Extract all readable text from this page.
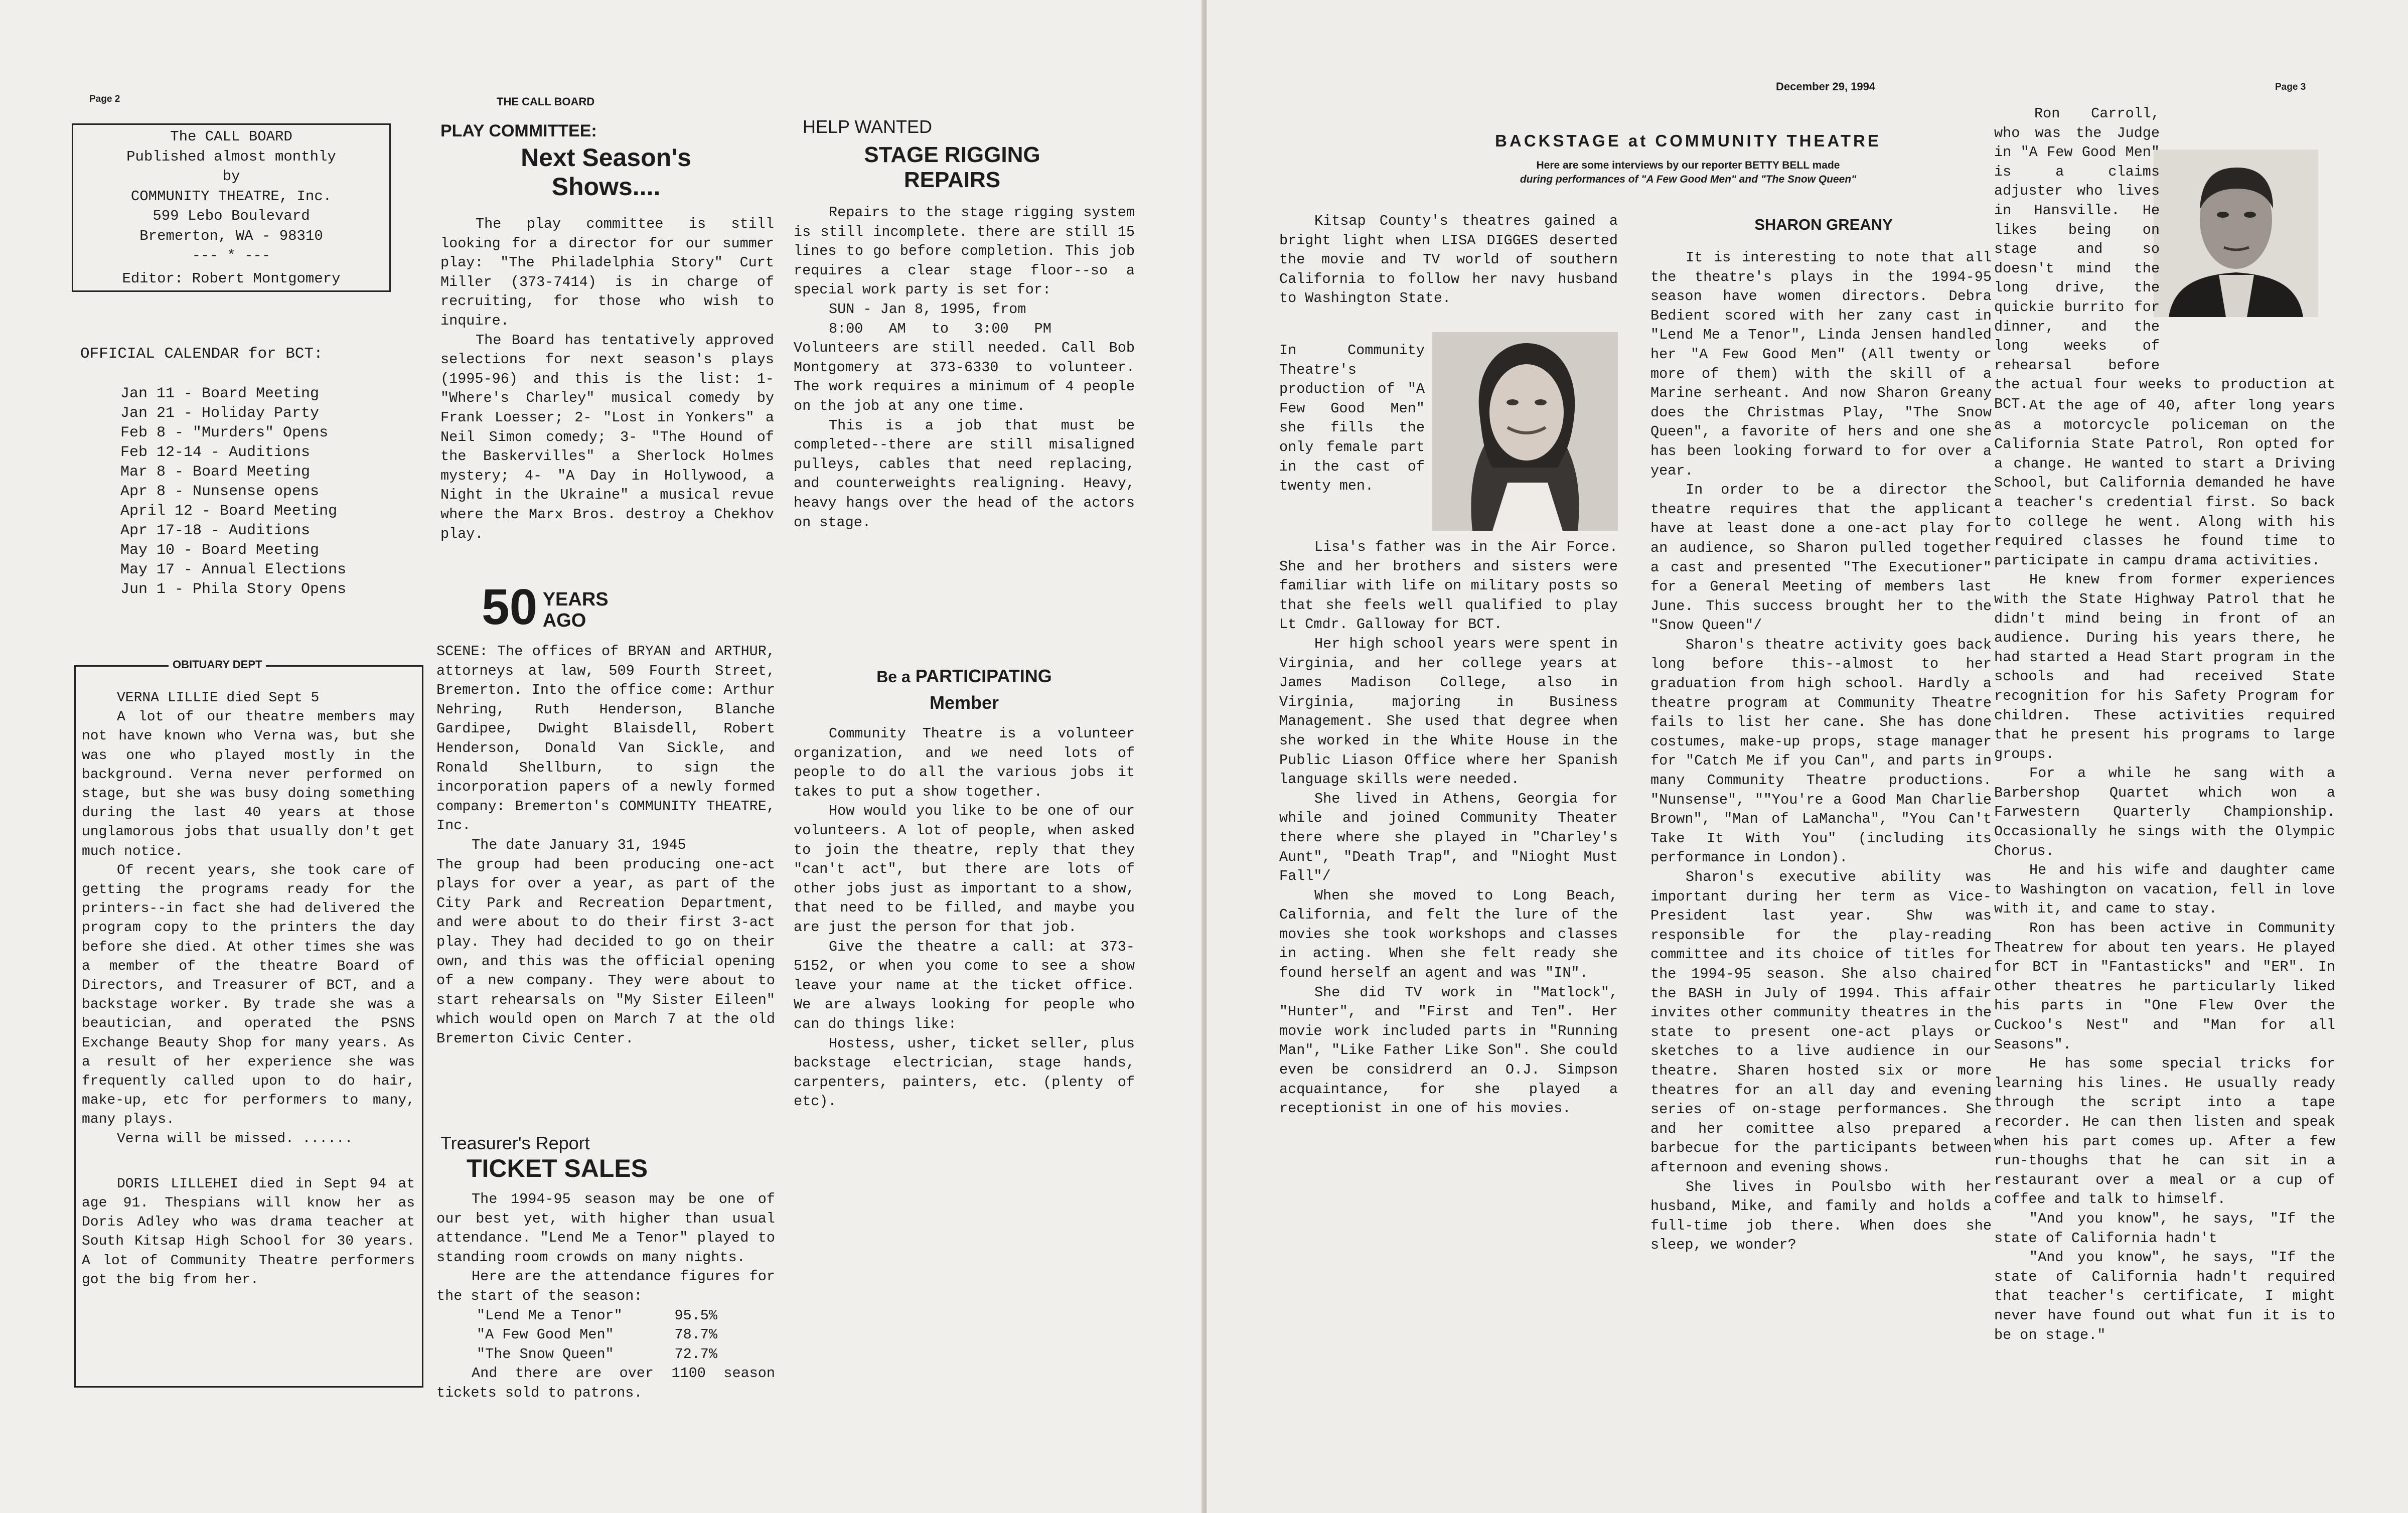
Page 2	THE CALL BOARD
The CALL BOARD
Published almost monthly
by
COMMUNITY THEATRE, Inc.
599 Lebo Boulevard
Bremerton, WA - 98310
--- * ---
Editor: Robert Montgomery
OFFICIAL CALENDAR for BCT:
Jan 11 - Board Meeting
Jan 21 - Holiday Party
Feb 8 - "Murders" Opens
Feb 12-14 - Auditions
Mar 8 - Board Meeting
Apr 8 - Nunsense opens
April 12 - Board Meeting
Apr 17-18 - Auditions
May 10 - Board Meeting
May 17 - Annual Elections
Jun 1 - Phila Story Opens
OBITUARY DEPT

VERNA LILLIE died Sept 5

A lot of our theatre members may not have known who Verna was, but she was one who played mostly in the background. Verna never performed on stage, but she was busy doing something during the last 40 years at those unglamorous jobs that usually don't get much notice.

Of recent years, she took care of getting the programs ready for the printers--in fact she had delivered the program copy to the printers the day before she died. At other times she was a member of the theatre Board of Directors, and Treasurer of BCT, and a backstage worker. By trade she was a beautician, and operated the PSNS Exchange Beauty Shop for many years. As a result of her experience she was frequently called upon to do hair, make-up, etc for performers to many, many plays.

Verna will be missed. ......

DORIS LILLEHEI died in Sept 94 at age 91. Thespians will know her as Doris Adley who was drama teacher at South Kitsap High School for 30 years. A lot of Community Theatre performers got the big from her.

PLAY COMMITTEE:

Next Season's Shows....

The play committee is still looking for a director for our summer play: "The Philadelphia Story" Curt Miller (373-7414) is in charge of recruiting, for those who wish to inquire.

The Board has tentatively approved selections for next season's plays (1995-96) and this is the list: 1- "Where's Charley" musical comedy by Frank Loesser; 2- "Lost in Yonkers" a Neil Simon comedy; 3- "The Hound of the Baskervilles" a Sherlock Holmes mystery; 4- "A Day in Hollywood, a Night in the Ukraine" a musical revue where the Marx Bros. destroy a Chekhov play.

50 YEARS
AGO

SCENE: The offices of BRYAN and ARTHUR, attorneys at law, 509 Fourth Street, Bremerton. Into the office come: Arthur Nehring, Ruth Henderson, Blanche Gardipee, Dwight Blaisdell, Robert Henderson, Donald Van Sickle, and Ronald Shellburn, to sign the incorporation papers of a newly formed company: Bremerton's COMMUNITY THEATRE, Inc.

The date January 31, 1945

The group had been producing one-act plays for over a year, as part of the City Park and Recreation Department, and were about to do their first 3-act play. They had decided to go on their own, and this was the official opening of a new company. They were about to start rehearsals on "My Sister Eileen" which would open on March 7 at the old Bremerton Civic Center.

Treasurer's Report

TICKET SALES

The 1994-95 season may be one of our best yet, with higher than usual attendance. "Lend Me a Tenor" played to standing room crowds on many nights.

Here are the attendance figures for the start of the season:

"Lend Me a Tenor"	95.5%
"A Few Good Men"	78.7%
"The Snow Queen"	72.7%

And there are over 1100 season tickets sold to patrons.

HELP WANTED

STAGE RIGGING REPAIRS

Repairs to the stage rigging system is still incomplete. there are still 15 lines to go before completion. This job requires a clear stage floor--so a special work party is set for:

SUN - Jan 8, 1995, from

8:00 AM to 3:00 PM

Volunteers are still needed. Call Bob Montgomery at 373-6330 to volunteer. The work requires a minimum of 4 people on the job at any one time.

This is a job that must be completed--there are still misaligned pulleys, cables that need replacing, and counterweights realigning. Heavy, heavy hangs over the head of the actors on stage.

Be a PARTICIPATING
Member

Community Theatre is a volunteer organization, and we need lots of people to do all the various jobs it takes to put a show together.

How would you like to be one of our volunteers. A lot of people, when asked to join the theatre, reply that they "can't act", but there are lots of other jobs just as important to a show, that need to be filled, and maybe you are just the person for that job.

Give the theatre a call: at 373-5152, or when you come to see a show leave your name at the ticket office. We are always looking for people who can do things like:

Hostess, usher, ticket seller, plus backstage electrician, stage hands, carpenters, painters, etc. (plenty of etc).

December 29, 1994	Page 3
BACKSTAGE at COMMUNITY THEATRE
Here are some interviews by our reporter BETTY BELL made
during performances of "A Few Good Men" and "The Snow Queen"

Kitsap County's theatres gained a bright light when LISA DIGGES deserted the movie and TV world of southern California to follow her navy husband to Washington State.

In Community Theatre's production of "A Few Good Men" she fills the only female part in the cast of twenty men.

Lisa's father was in the Air Force. She and her brothers and sisters were familiar with life on military posts so that she feels well qualified to play Lt Cmdr. Galloway for BCT.

Her high school years were spent in Virginia, and her college years at James Madison College, also in Virginia, majoring in Business Management. She used that degree when she worked in the White House in the Public Liason Office where her Spanish language skills were needed.

She lived in Athens, Georgia for while and joined Community Theater there where she played in "Charley's Aunt", "Death Trap", and "Nioght Must Fall"/

When she moved to Long Beach, California, and felt the lure of the movies she took workshops and classes in acting. When she felt ready she found herself an agent and was "IN".

She did TV work in "Matlock", "Hunter", and "First and Ten". Her movie work included parts in "Running Man", "Like Father Like Son". She could even be considrerd an O.J. Simpson acquaintance, for she played a receptionist in one of his movies.

SHARON GREANY

It is interesting to note that all the theatre's plays in the 1994-95 season have women directors. Debra Bedient scored with her zany cast in "Lend Me a Tenor", Linda Jensen handled her "A Few Good Men" (All twenty or more of them) with the skill of a Marine serheant. And now Sharon Greany does the Christmas Play, "The Snow Queen", a favorite of hers and one she has been looking forward to for over a year.

In order to be a director the theatre requires that the applicant have at least done a one-act play for an audience, so Sharon pulled together a cast and presented "The Executioner" for a General Meeting of members last June. This success brought her to the "Snow Queen"/

Sharon's theatre activity goes back long before this--almost to her graduation from high school. Hardly a theatre program at Community Theatre fails to list her cane. She has done costumes, make-up props, stage manager for "Catch Me if you Can", and parts in many Community Theatre productions. "Nunsense", ""You're a Good Man Charlie Brown", "Man of LaMancha", "You Can't Take It With You" (including its performance in London).

Sharon's executive ability was important during her term as Vice-President last year. Shw was responsible for the play-reading committee and its choice of titles for the 1994-95 season. She also chaired the BASH in July of 1994. This affair invites other community theatres in the state to present one-act plays or sketches to a live audience in our theatre. Sharen hosted six or more theatres for an all day and evening series of on-stage performances. She and her comittee also prepared a barbecue for the participants between afternoon and evening shows.

She lives in Poulsbo with her husband, Mike, and family and holds a full-time job there. When does she sleep, we wonder?

Ron Carroll, who was the Judge in "A Few Good Men" is a claims adjuster who lives in Hansville. He likes being on stage and so doesn't mind the long drive, the quickie burrito for dinner, and the long weeks of rehearsal before the actual four weeks to production at BCT. At the age of 40, after long years as a motorcycle policeman on the California State Patrol, Ron opted for a change. He wanted to start a Driving School, but California demanded he have a teacher's credential first. So back to college he went. Along with his required classes he found time to participate in campu drama activities.

He knew from former experiences with the State Highway Patrol that he didn't mind being in front of an audience. During his years there, he had started a Head Start program in the schools and had received State recognition for his Safety Program for children. These activities required that he present his programs to large groups.

For a while he sang with a Barbershop Quartet which won a Farwestern Quarterly Championship. Occasionally he sings with the Olympic Chorus.

He and his wife and daughter came to Washington on vacation, fell in love with it, and came to stay.

Ron has been active in Community Theatrew for about ten years. He played for BCT in "Fantasticks" and "ER". In other theatres he particularly liked his parts in "One Flew Over the Cuckoo's Nest" and "Man for all Seasons".

He has some special tricks for learning his lines. He usually ready through the script into a tape recorder. He can then listen and speak when his part comes up. After a few run-thoughs that he can sit in a restaurant over a meal or a cup of coffee and talk to himself.

"And you know", he says, "If the state of California hadn't

"And you know", he says, "If the state of California hadn't required that teacher's certificate, I might never have found out what fun it is to be on stage."
